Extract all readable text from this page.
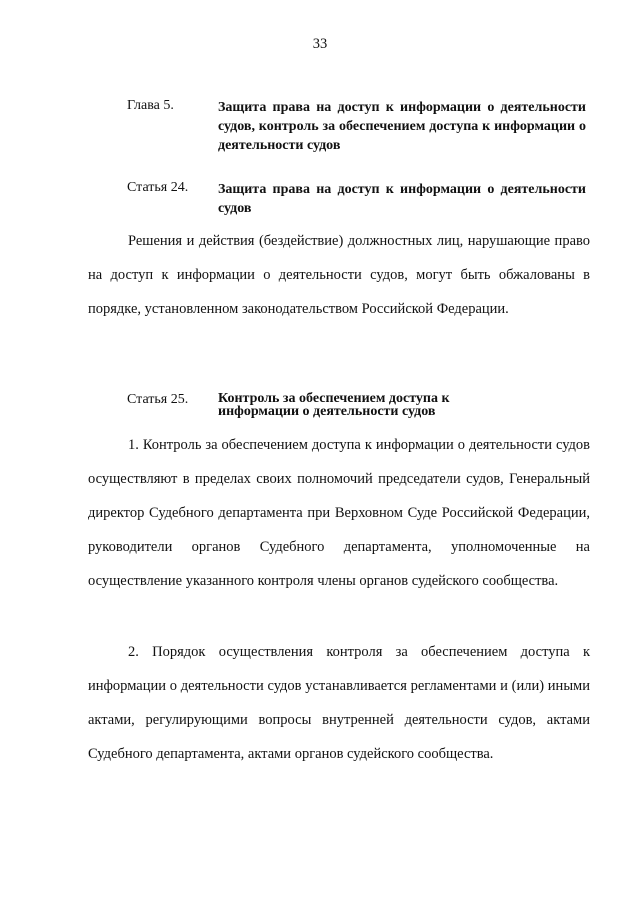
33
Глава 5.	Защита права на доступ к информации о деятельности судов, контроль за обеспечением доступа к информации о деятельности судов
Статья 24. Защита права на доступ к информации о деятельности судов

Решения и действия (бездействие) должностных лиц, нарушающие право на доступ к информации о деятельности судов, могут быть обжалованы в порядке, установленном законодательством Российской Федерации.

Статья 25. Контроль за обеспечением доступа к информации о деятельности судов

1. Контроль за обеспечением доступа к информации о деятельности судов осуществляют в пределах своих полномочий председатели судов, Генеральный директор Судебного департамента при Верховном Суде Российской Федерации, руководители органов Судебного департамента, уполномоченные на осуществление указанного контроля члены органов судейского сообщества.

2. Порядок осуществления контроля за обеспечением доступа к информации о деятельности судов устанавливается регламентами и (или) иными актами, регулирующими вопросы внутренней деятельности судов, актами Судебного департамента, актами органов судейского сообщества.
